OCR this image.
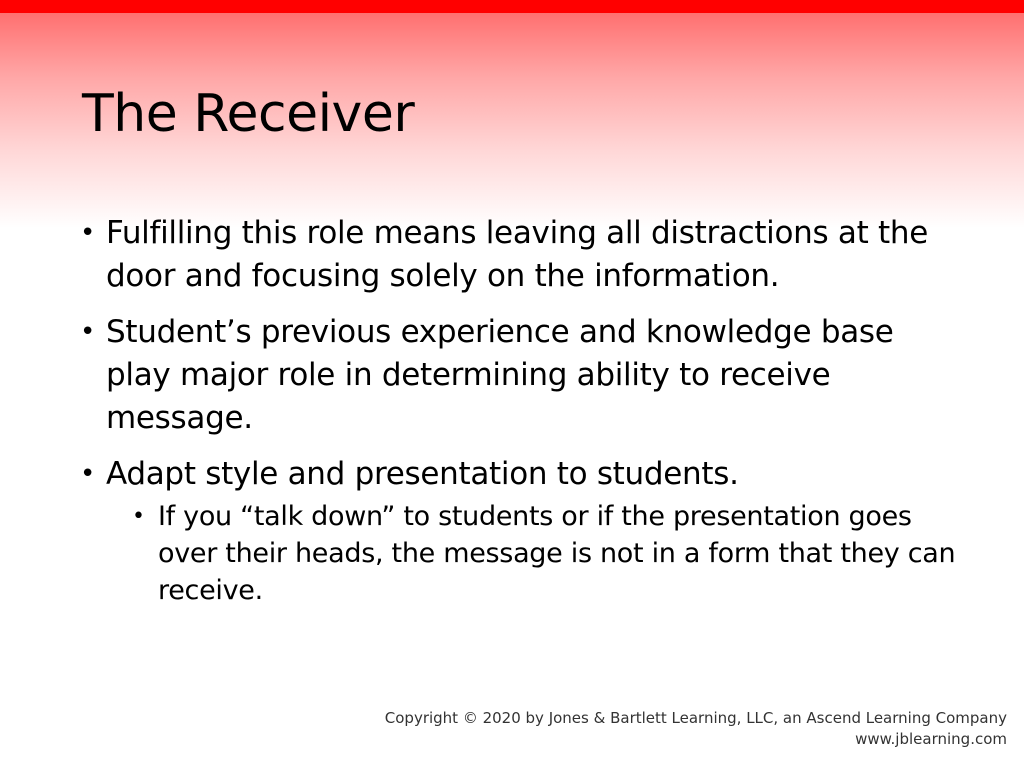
The Receiver
• Fulfilling this role means leaving all distractions at the door and focusing solely on the information.
• Student’s previous experience and knowledge base play major role in determining ability to receive message.
• Adapt style and presentation to students.
• If you “talk down” to students or if the presentation goes over their heads, the message is not in a form that they can receive.
Copyright © 2020 by Jones & Bartlett Learning, LLC, an Ascend Learning Company
www.jblearning.com
